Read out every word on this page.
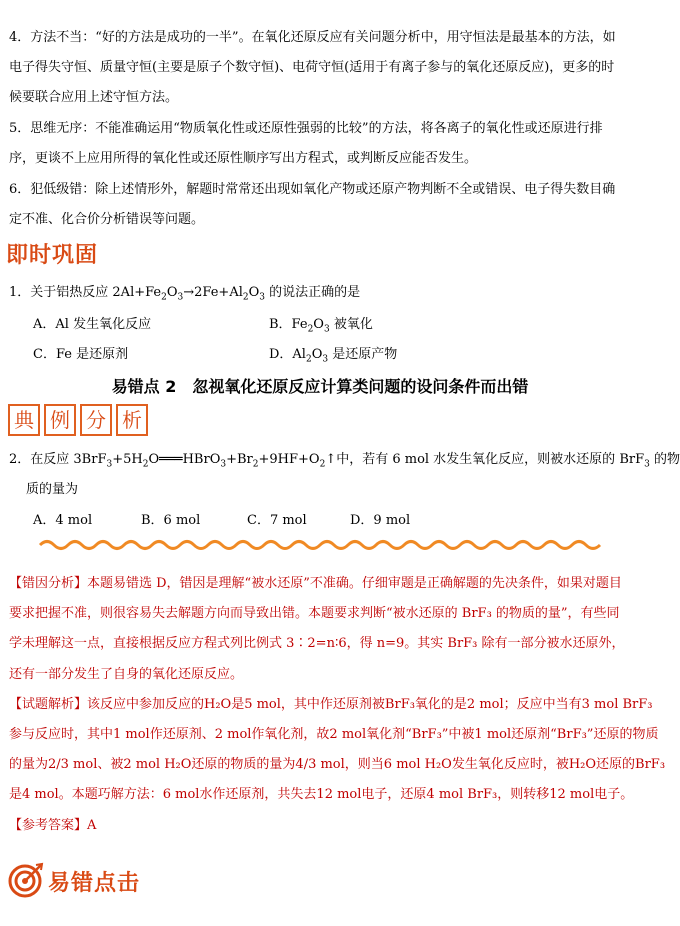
4．方法不当：“好的方法是成功的一半”。在氧化还原反应有关问题分析中，用守恒法是最基本的方法，如
电子得失守恒、质量守恒(主要是原子个数守恒)、电荷守恒(适用于有离子参与的氧化还原反应)，更多的时
候要联合应用上述守恒方法。
5．思维无序：不能准确运用“物质氧化性或还原性强弱的比较”的方法，将各离子的氧化性或还原进行排
序，更谈不上应用所得的氧化性或还原性顺序写出方程式，或判断反应能否发生。
6．犯低级错：除上述情形外，解题时常常还出现如氧化产物或还原产物判断不全或错误、电子得失数目确
定不准、化合价分析错误等问题。
即时巩固
1．关于铝热反应 $2Al+Fe_2O_3\to 2Fe+Al_2O_3$ 的说法正确的是
A．Al 发生氧化反应	B．$Fe_2O_3$ 被氧化
C．Fe 是还原剂	D．$Al_2O_3$ 是还原产物
易错点 2　忽视氧化还原反应计算类问题的设问条件而出错
典 例 分 析
2．在反应 $3BrF_3+5H_2O═══HBrO_3+Br_2+9HF+O_2↑$中，若有 6 mol 水发生氧化反应，则被水还原的 BrF$_3$ 的物
质的量为
A．4 mol	B．6 mol	C．7 mol	D．9 mol
【错因分析】本题易错选 D，错因是理解“被水还原”不准确。仔细审题是正确解题的先决条件，如果对题目
要求把握不准，则很容易失去解题方向而导致出错。本题要求判断“被水还原的 BrF₃ 的物质的量”，有些同
学未理解这一点，直接根据反应方程式列比例式 3∶2=n∶6，得 n=9。其实 BrF₃ 除有一部分被水还原外，
还有一部分发生了自身的氧化还原反应。
【试题解析】该反应中参加反应的H₂O是5 mol，其中作还原剂被BrF₃氧化的是2 mol；反应中当有3 mol BrF₃
参与反应时，其中1 mol作还原剂、2 mol作氧化剂，故2 mol氧化剂“BrF₃”中被1 mol还原剂“BrF₃”还原的物质
的量为2/3 mol、被2 mol H₂O还原的物质的量为4/3 mol，则当6 mol H₂O发生氧化反应时，被H₂O还原的BrF₃
是4 mol。本题巧解方法：6 mol水作还原剂，共失去12 mol电子，还原4 mol BrF₃，则转移12 mol电子。
【参考答案】A
易错点击
